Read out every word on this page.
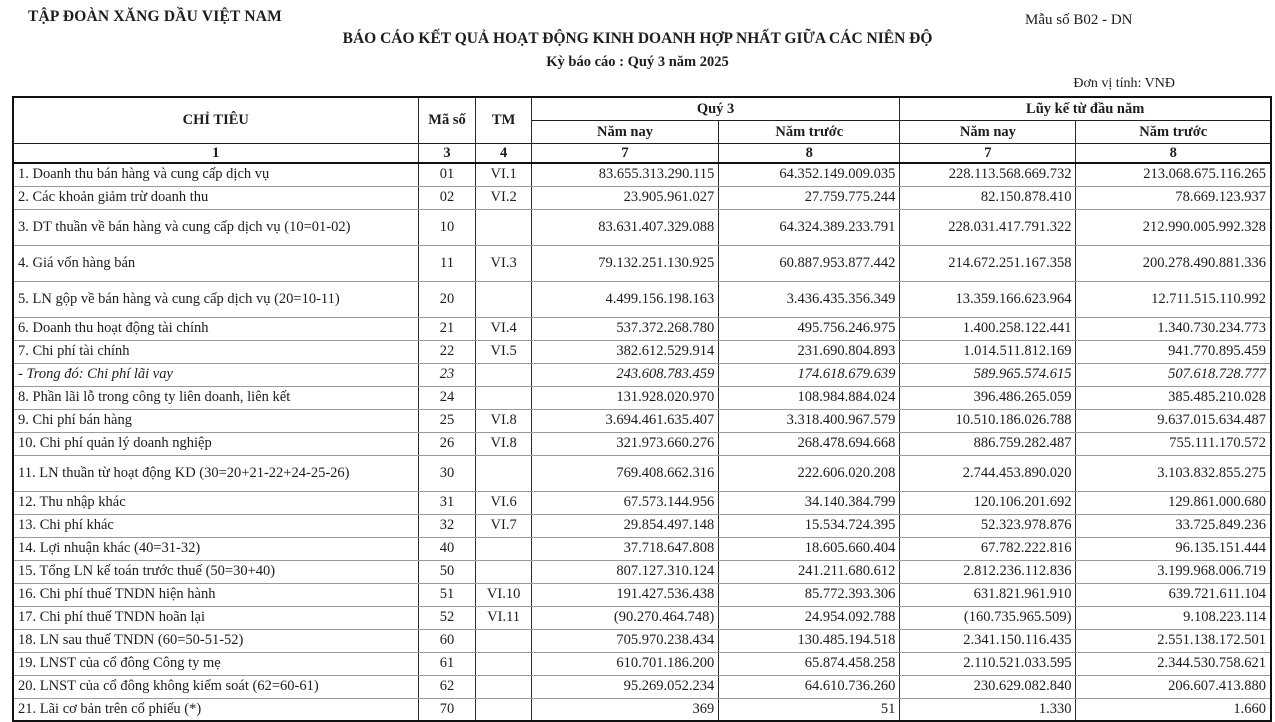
TẬP ĐOÀN XĂNG DẦU VIỆT NAM	Mẫu số B02 - DN
BÁO CÁO KẾT QUẢ HOẠT ĐỘNG KINH DOANH HỢP NHẤT GIỮA CÁC NIÊN ĐỘ
Kỳ báo cáo : Quý 3 năm 2025
Đơn vị tính: VNĐ
CHỈ TIÊU	Mã số	TM	Quý 3		Lũy kế từ đầu năm	
			Năm nay	Năm trước	Năm nay	Năm trước
1	3	4	7	8	7	8
1. Doanh thu bán hàng và cung cấp dịch vụ	01	VI.1	83.655.313.290.115	64.352.149.009.035	228.113.568.669.732	213.068.675.116.265
2. Các khoản giảm trừ doanh thu	02	VI.2	23.905.961.027	27.759.775.244	82.150.878.410	78.669.123.937
3. DT thuần về bán hàng và cung cấp dịch vụ (10=01-02)	10		83.631.407.329.088	64.324.389.233.791	228.031.417.791.322	212.990.005.992.328
4. Giá vốn hàng bán	11	VI.3	79.132.251.130.925	60.887.953.877.442	214.672.251.167.358	200.278.490.881.336
5. LN gộp về bán hàng và cung cấp dịch vụ (20=10-11)	20		4.499.156.198.163	3.436.435.356.349	13.359.166.623.964	12.711.515.110.992
6. Doanh thu hoạt động tài chính	21	VI.4	537.372.268.780	495.756.246.975	1.400.258.122.441	1.340.730.234.773
7. Chi phí tài chính	22	VI.5	382.612.529.914	231.690.804.893	1.014.511.812.169	941.770.895.459
- Trong đó: Chi phí lãi vay	23		243.608.783.459	174.618.679.639	589.965.574.615	507.618.728.777
8. Phần lãi lỗ trong công ty liên doanh, liên kết	24		131.928.020.970	108.984.884.024	396.486.265.059	385.485.210.028
9. Chi phí bán hàng	25	VI.8	3.694.461.635.407	3.318.400.967.579	10.510.186.026.788	9.637.015.634.487
10. Chi phí quản lý doanh nghiệp	26	VI.8	321.973.660.276	268.478.694.668	886.759.282.487	755.111.170.572
11. LN thuần từ hoạt động KD (30=20+21-22+24-25-26)	30		769.408.662.316	222.606.020.208	2.744.453.890.020	3.103.832.855.275
12. Thu nhập khác	31	VI.6	67.573.144.956	34.140.384.799	120.106.201.692	129.861.000.680
13. Chi phí khác	32	VI.7	29.854.497.148	15.534.724.395	52.323.978.876	33.725.849.236
14. Lợi nhuận khác (40=31-32)	40		37.718.647.808	18.605.660.404	67.782.222.816	96.135.151.444
15. Tổng LN kế toán trước thuế (50=30+40)	50		807.127.310.124	241.211.680.612	2.812.236.112.836	3.199.968.006.719
16. Chi phí thuế TNDN hiện hành	51	VI.10	191.427.536.438	85.772.393.306	631.821.961.910	639.721.611.104
17. Chi phí thuế TNDN hoãn lại	52	VI.11	(90.270.464.748)	24.954.092.788	(160.735.965.509)	9.108.223.114
18. LN sau thuế TNDN (60=50-51-52)	60		705.970.238.434	130.485.194.518	2.341.150.116.435	2.551.138.172.501
19. LNST của cổ đông Công ty mẹ	61		610.701.186.200	65.874.458.258	2.110.521.033.595	2.344.530.758.621
20. LNST của cổ đông không kiểm soát (62=60-61)	62		95.269.052.234	64.610.736.260	230.629.082.840	206.607.413.880
21. Lãi cơ bản trên cổ phiếu (*)	70		369	51	1.330	1.660
